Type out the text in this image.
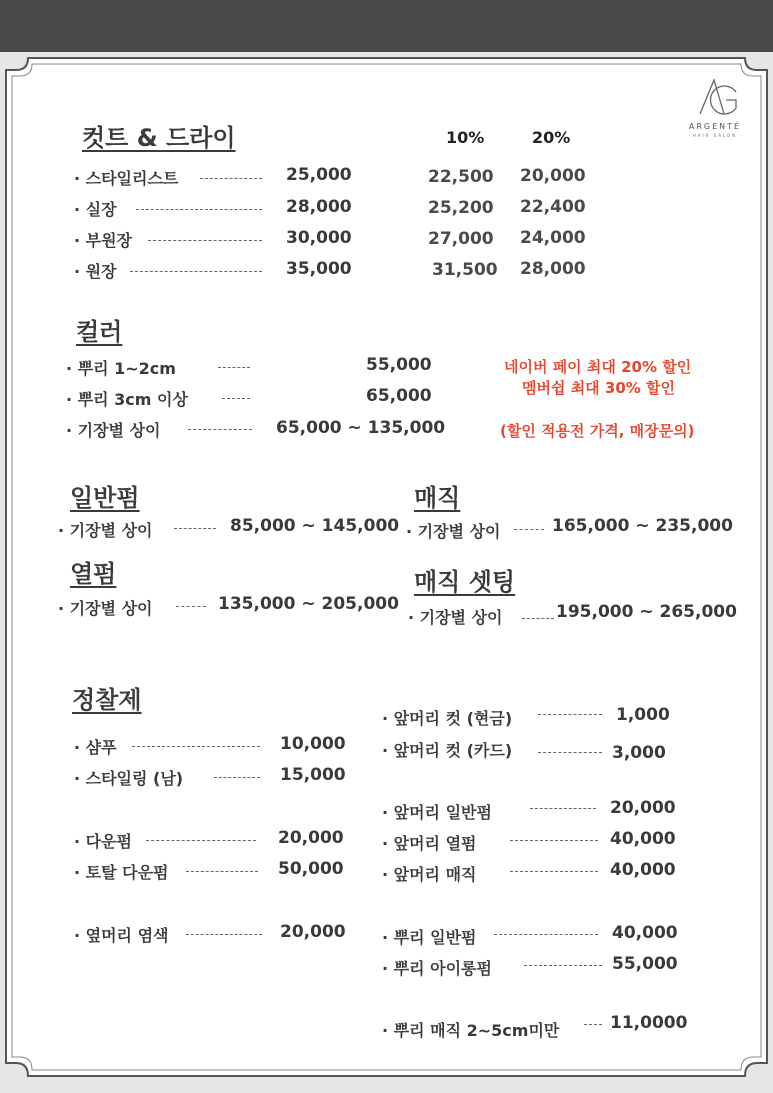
ARGENTÉ
HAIR SALON
컷트 & 드라이	10%	20%
· 스타일리스트	25,000	22,500 20,000
· 실장	28,000	25,200 22,400
· 부원장	30,000	27,000 24,000
· 원장	35,000	31,500 28,000
컬러
· 뿌리 1~2cm	55,000
· 뿌리 3cm 이상	65,000
· 기장별 상이	65,000 ~ 135,000
네이버 페이 최대 20% 할인
멤버쉽 최대 30% 할인
(할인 적용전 가격, 매장문의)
일반펌
· 기장별 상이	85,000 ~ 145,000
열펌
· 기장별 상이	135,000 ~ 205,000
매직
· 기장별 상이	165,000 ~ 235,000
매직 셋팅
· 기장별 상이	195,000 ~ 265,000
정찰제
· 샴푸	10,000
· 스타일링 (남)	15,000
· 다운펌	20,000
· 토탈 다운펌	50,000
· 옆머리 염색	20,000
· 앞머리 컷 (현금)	1,000
· 앞머리 컷 (카드)	3,000
· 앞머리 일반펌	20,000
· 앞머리 열펌	40,000
· 앞머리 매직	40,000
· 뿌리 일반펌	40,000
· 뿌리 아이롱펌	55,000
· 뿌리 매직 2~5cm미만	11,0000
